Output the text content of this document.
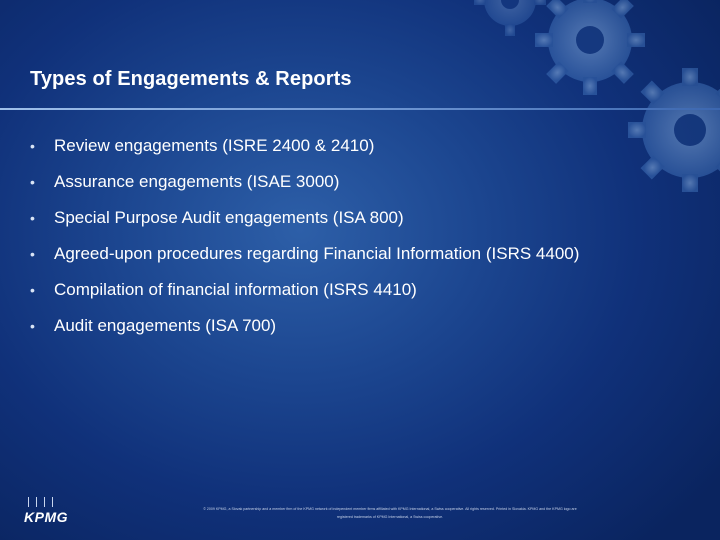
Types of Engagements & Reports
•	Review engagements (ISRE 2400 & 2410)
•	Assurance engagements (ISAE 3000)
•	Special Purpose Audit engagements (ISA 800)
•	Agreed-upon procedures regarding Financial Information (ISRS 4400)
•	Compilation of financial information (ISRS 4410)
•	Audit engagements (ISA 700)
KPMG	© 2009 KPMG, a Slovak partnership and a member firm of the KPMG network of independent member firms affiliated with KPMG International, a Swiss cooperative. All rights reserved. Printed in Slovakia. KPMG and the KPMG logo are
registered trademarks of KPMG International, a Swiss cooperative.
